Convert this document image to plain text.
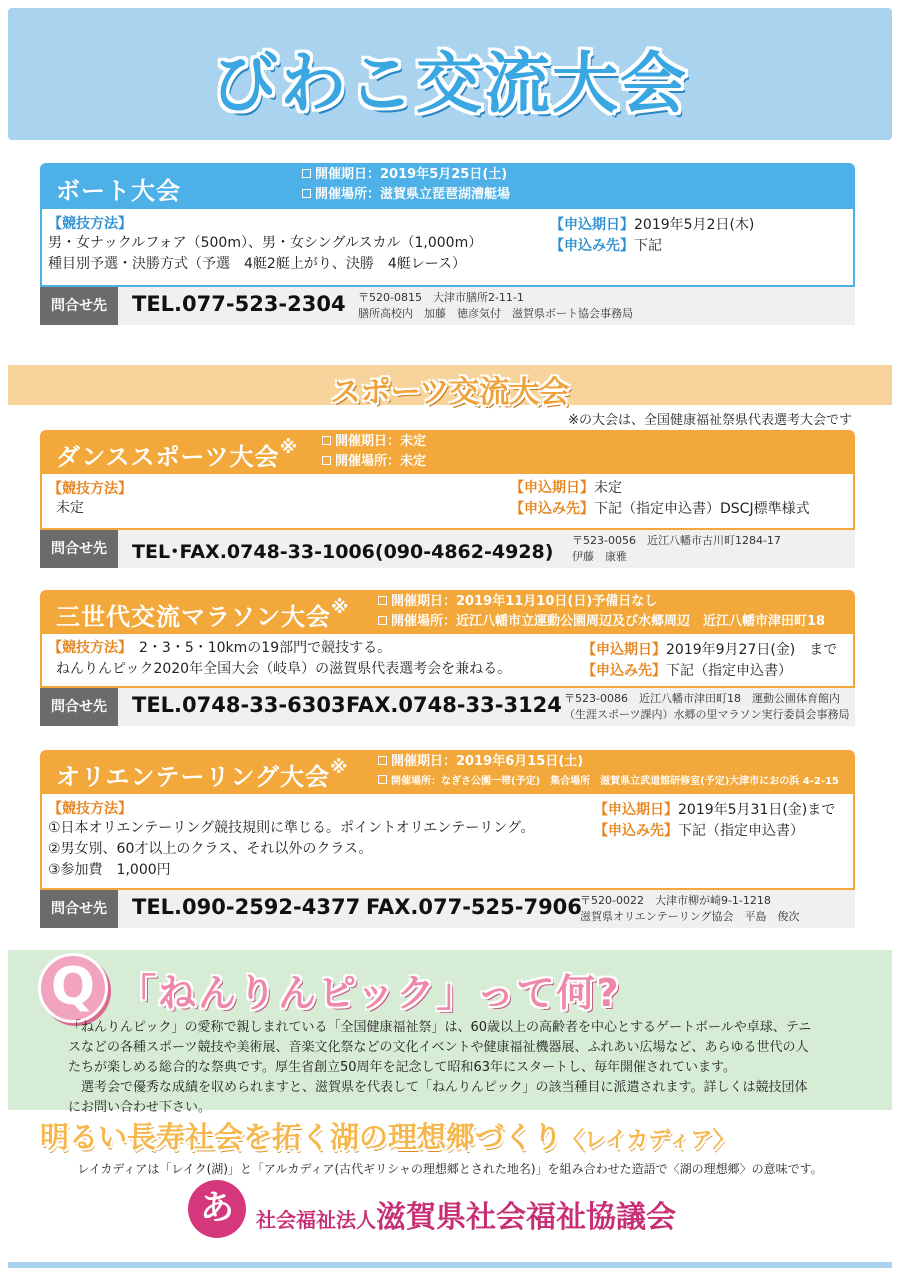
びわこ交流大会
ボート大会
開催期日：2019年5月25日(土)
開催場所：滋賀県立琵琶湖漕艇場
【競技方法】
男・女ナックルフォア（500m）、男・女シングルスカル（1,000m）
種目別予選・決勝方式（予選　4艇2艇上がり、決勝　4艇レース）
【申込期日】2019年5月2日(木)
【申込み先】下記
問合せ先	TEL.077-523-2304 〒520-0815　大津市膳所2-11-1
膳所高校内　加藤　徳彦気付　滋賀県ボート協会事務局
スポーツ交流大会
※の大会は、全国健康福祉祭県代表選考大会です
ダンススポーツ大会※	開催期日：未定
開催場所：未定
【競技方法】
未定
【申込期日】未定
【申込み先】下記（指定申込書）DSCJ標準様式
問合せ先	TEL･FAX.0748-33-1006(090-4862-4928)
〒523-0056　近江八幡市古川町1284-17
伊藤　康雅
三世代交流マラソン大会※	開催期日：2019年11月10日(日)予備日なし
開催場所：近江八幡市立運動公園周辺及び水郷周辺　近江八幡市津田町18
【競技方法】　 2・3・5・10kmの19部門で競技する。
ねんりんピック2020年全国大会（岐阜）の滋賀県代表選考会を兼ねる。
【申込期日】2019年9月27日(金)　まで
【申込み先】下記（指定申込書）
問合せ先	TEL.0748-33-6303 FAX.0748-33-3124 〒523-0086　近江八幡市津田町18　運動公園体育館内
（生涯スポーツ課内）水郷の里マラソン実行委員会事務局
オリエンテーリング大会※	開催期日：2019年6月15日(土)
開催場所：なぎさ公園一帯(予定)　集合場所　滋賀県立武道館研修室(予定)大津市におの浜 4-2-15
【競技方法】
①日本オリエンテーリング競技規則に準じる。ポイントオリエンテーリング。
②男女別、60才以上のクラス、それ以外のクラス。
③参加費　1,000円
【申込期日】2019年5月31日(金)まで
【申込み先】下記（指定申込書）
問合せ先	TEL.090-2592-4377 FAX.077-525-7906
〒520-0022　大津市柳が崎9-1-1218
滋賀県オリエンテーリング協会　平島　俊次
Q 「ねんりんピック」って何?

「ねんりんピック」の愛称で親しまれている「全国健康福祉祭」は、60歳以上の高齢者を中心とするゲートボールや卓球、テニ

スなどの各種スポーツ競技や美術展、音楽文化祭などの文化イベントや健康福祉機器展、ふれあい広場など、あらゆる世代の人

たちが楽しめる総合的な祭典です。厚生省創立50周年を記念して昭和63年にスタートし、毎年開催されています。

　選考会で優秀な成績を収められますと、滋賀県を代表して「ねんりんピック」の該当種目に派遣されます。詳しくは競技団体

にお問い合わせ下さい。

明るい長寿社会を拓く湖の理想郷づくり〈レイカディア〉
レイカディアは「レイク(湖)」と「アルカディア(古代ギリシャの理想郷とされた地名)」を組み合わせた造語で〈湖の理想郷〉の意味です。
あ	社会福祉法人滋賀県社会福祉協議会
